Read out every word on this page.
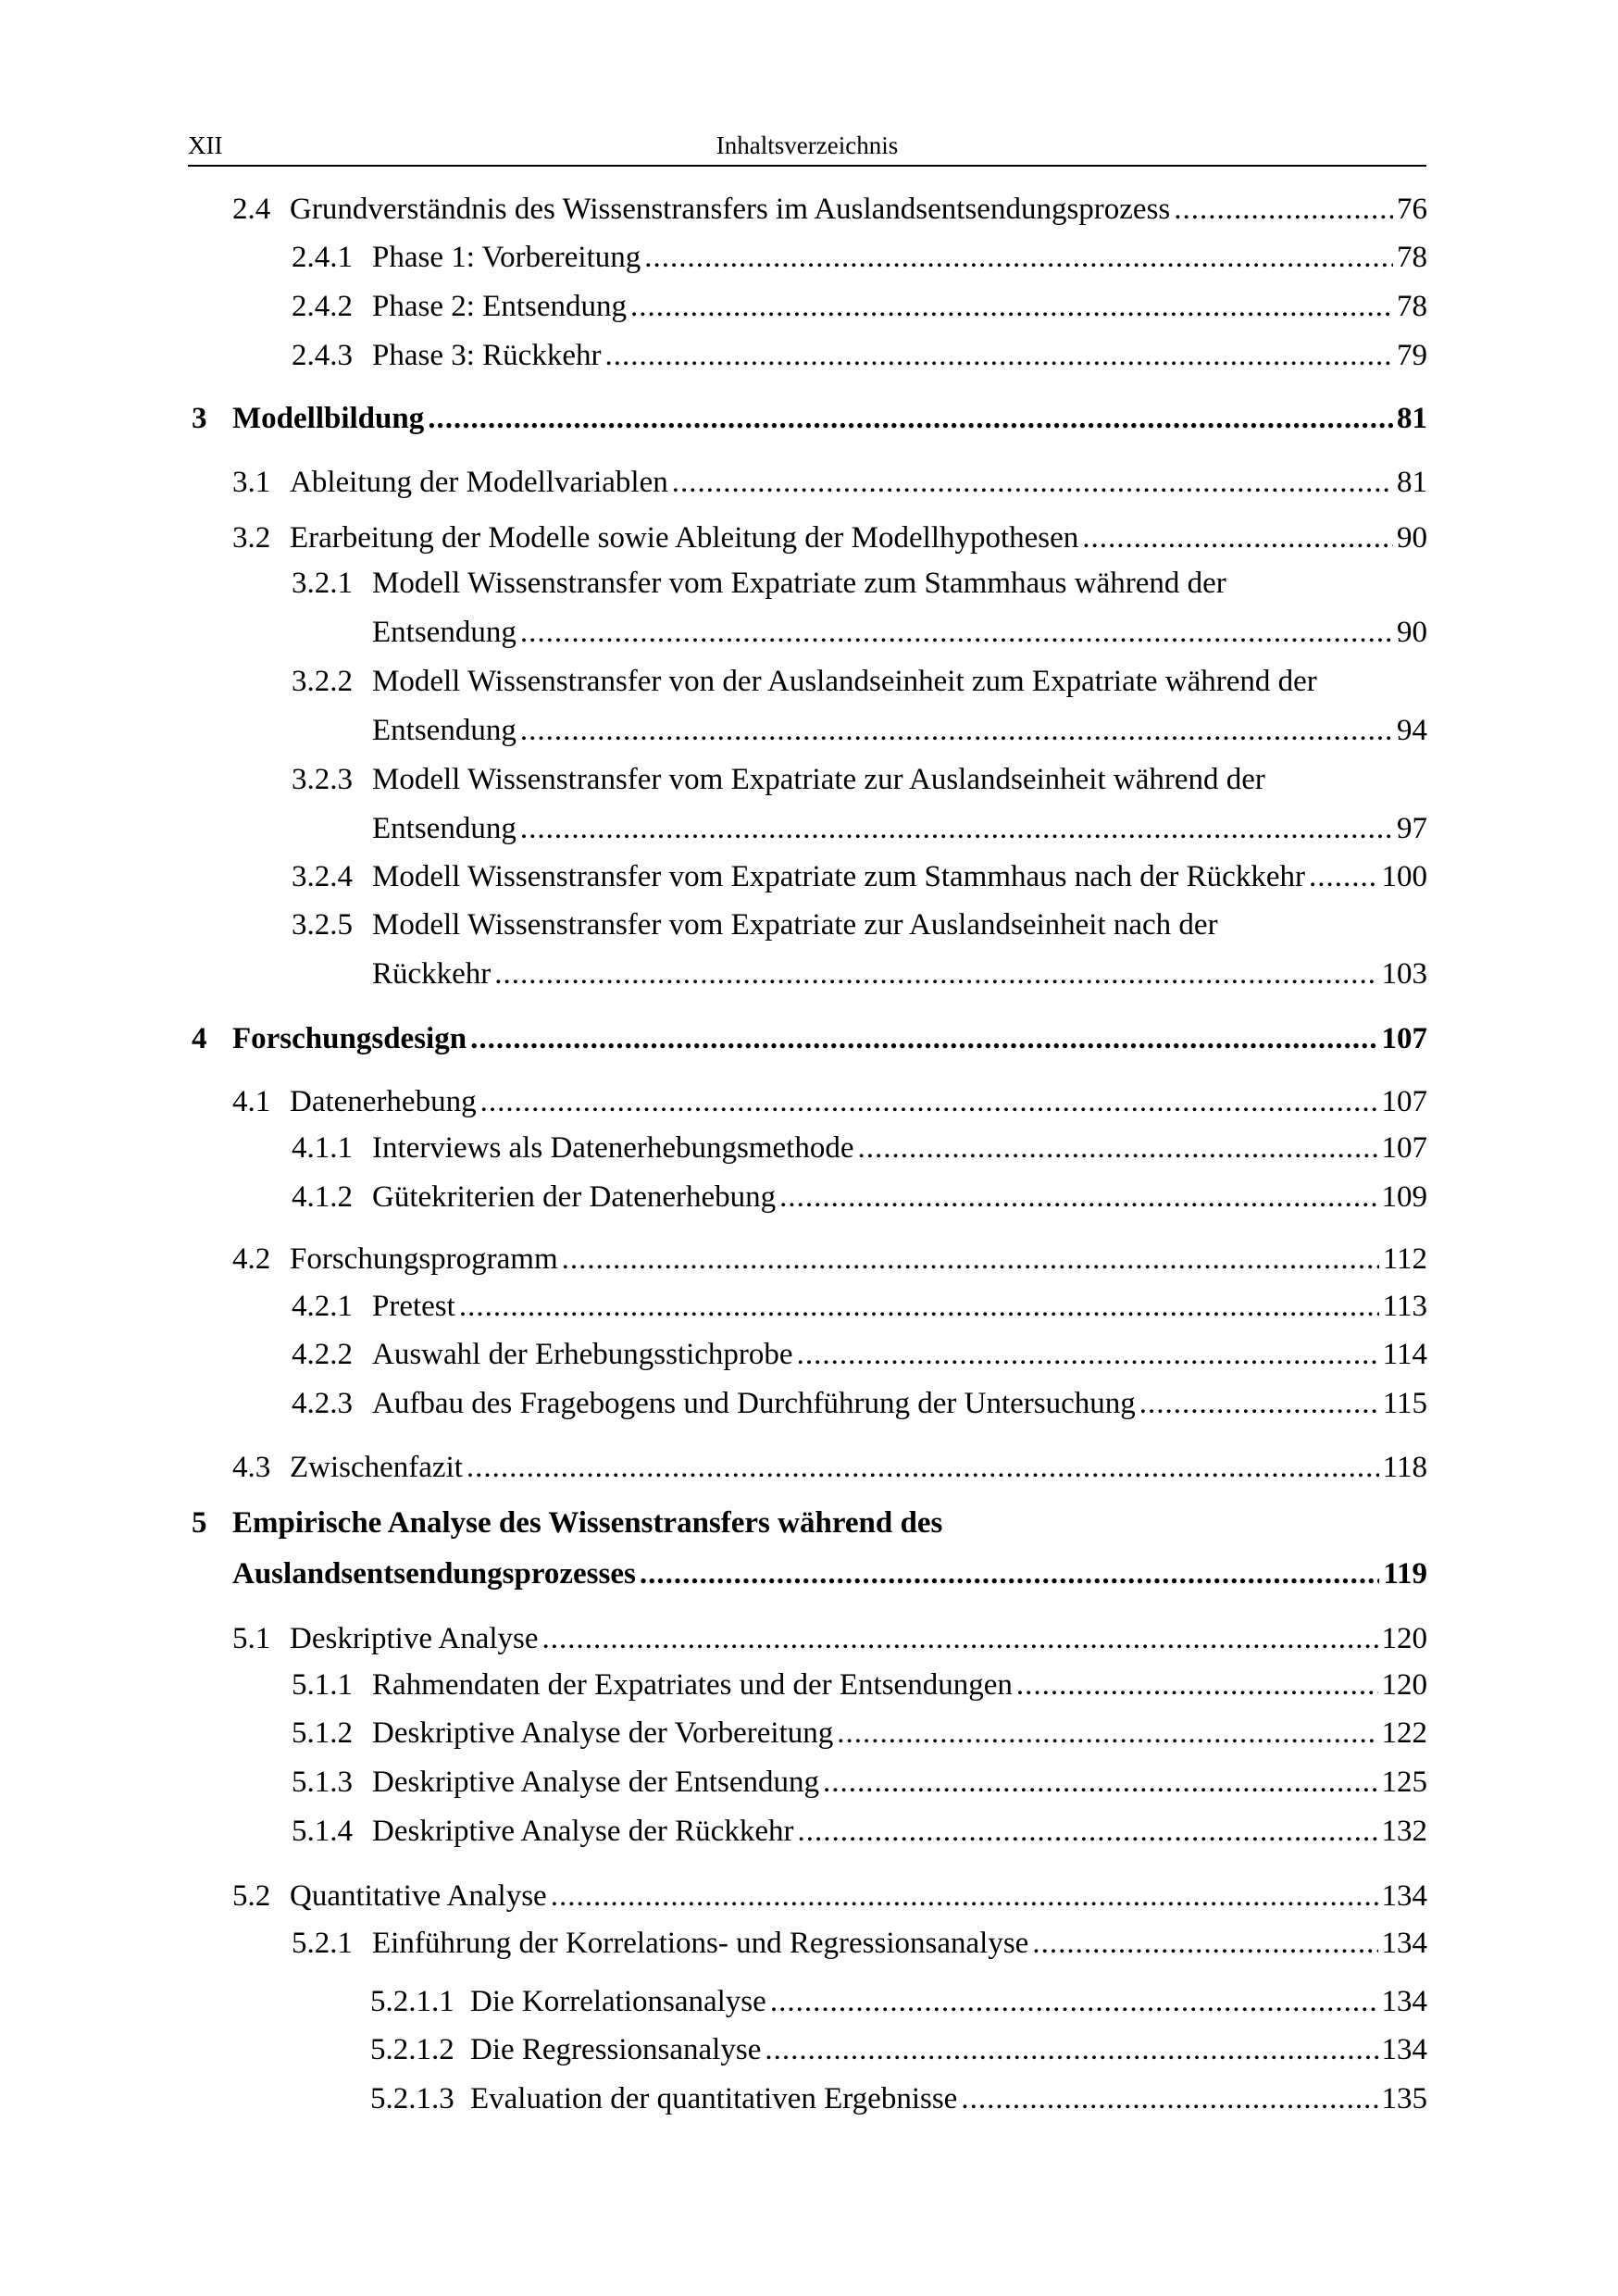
XII	Inhaltsverzeichnis
2.4 Grundverständnis des Wissenstransfers im Auslandsentsendungsprozess .....	76
2.4.1 Phase 1: Vorbereitung .....	78
2.4.2 Phase 2: Entsendung .....	78
2.4.3 Phase 3: Rückkehr .....	79
3 Modellbildung .....	81
3.1 Ableitung der Modellvariablen .....	81
3.2 Erarbeitung der Modelle sowie Ableitung der Modellhypothesen .....	90
3.2.1 Modell Wissenstransfer vom Expatriate zum Stammhaus während der
Entsendung .....	90
3.2.2 Modell Wissenstransfer von der Auslandseinheit zum Expatriate während der
Entsendung .....	94
3.2.3 Modell Wissenstransfer vom Expatriate zur Auslandseinheit während der
Entsendung .....	97
3.2.4 Modell Wissenstransfer vom Expatriate zum Stammhaus nach der Rückkehr .....	100
3.2.5 Modell Wissenstransfer vom Expatriate zur Auslandseinheit nach der
Rückkehr .....	103
4 Forschungsdesign .....	107
4.1 Datenerhebung .....	107
4.1.1 Interviews als Datenerhebungsmethode .....	107
4.1.2 Gütekriterien der Datenerhebung .....	109
4.2 Forschungsprogramm .....	112
4.2.1 Pretest .....	113
4.2.2 Auswahl der Erhebungsstichprobe .....	114
4.2.3 Aufbau des Fragebogens und Durchführung der Untersuchung .....	115
4.3 Zwischenfazit .....	118
5 Empirische Analyse des Wissenstransfers während des
Auslandsentsendungsprozesses .....	119
5.1 Deskriptive Analyse .....	120
5.1.1 Rahmendaten der Expatriates und der Entsendungen .....	120
5.1.2 Deskriptive Analyse der Vorbereitung .....	122
5.1.3 Deskriptive Analyse der Entsendung .....	125
5.1.4 Deskriptive Analyse der Rückkehr .....	132
5.2 Quantitative Analyse .....	134
5.2.1 Einführung der Korrelations- und Regressionsanalyse .....	134
5.2.1.1 Die Korrelationsanalyse .....	134
5.2.1.2 Die Regressionsanalyse .....	134
5.2.1.3 Evaluation der quantitativen Ergebnisse .....	135
